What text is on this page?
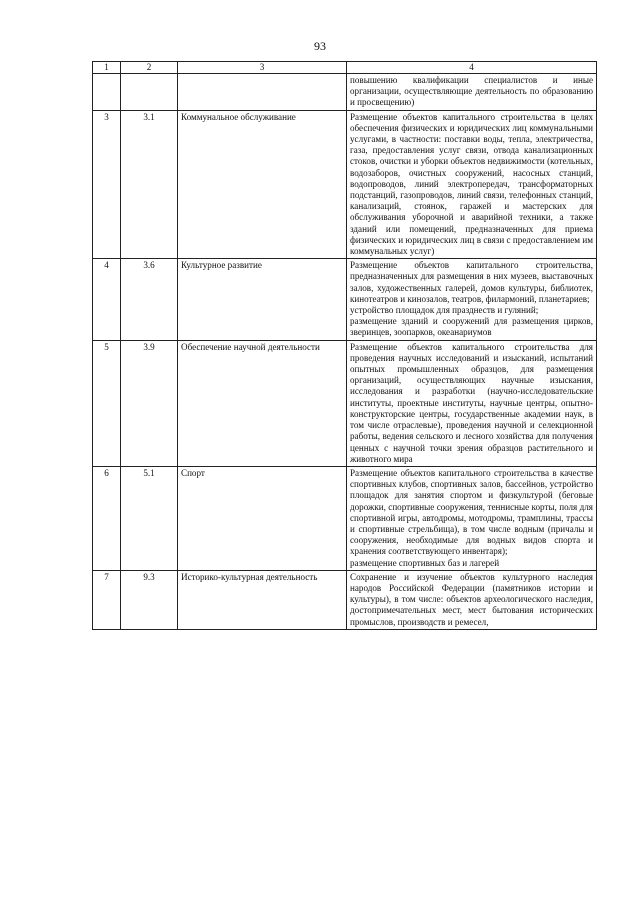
93
1	2	3	4

			повышению квалификации специалистов и иные организации, осуществляющие деятельность по образованию и просвещению)

3	3.1	Коммунальное обслуживание	Размещение объектов капитального строительства в целях обеспечения физических и юридических лиц коммунальными услугами, в частности: поставки воды, тепла, электричества, газа, предоставления услуг связи, отвода канализационных стоков, очистки и уборки объектов недвижимости (котельных, водозаборов, очистных сооружений, насосных станций, водопроводов, линий электропередач, трансформаторных подстанций, газопроводов, линий связи, телефонных станций, канализаций, стоянок, гаражей и мастерских для обслуживания уборочной и аварийной техники, а также зданий или помещений, предназначенных для приема физических и юридических лиц в связи с предоставлением им коммунальных услуг)

4	3.6	Культурное развитие	Размещение объектов капитального строительства, предназначенных для размещения в них музеев, выставочных залов, художественных галерей, домов культуры, библиотек, кинотеатров и кинозалов, театров, филармоний, планетариев;
устройство площадок для празднеств и гуляний;
размещение зданий и сооружений для размещения цирков, зверинцев, зоопарков, океанариумов

5	3.9	Обеспечение научной деятельности	Размещение объектов капитального строительства для проведения научных исследований и изысканий, испытаний опытных промышленных образцов, для размещения организаций, осуществляющих научные изыскания, исследования и разработки (научно-исследовательские институты, проектные институты, научные центры, опытно-конструкторские центры, государственные академии наук, в том числе отраслевые), проведения научной и селекционной работы, ведения сельского и лесного хозяйства для получения ценных с научной точки зрения образцов растительного и животного мира

6	5.1	Спорт	Размещение объектов капитального строительства в качестве спортивных клубов, спортивных залов, бассейнов, устройство площадок для занятия спортом и физкультурой (беговые дорожки, спортивные сооружения, теннисные корты, поля для спортивной игры, автодромы, мотодромы, трамплины, трассы и спортивные стрельбища), в том числе водным (причалы и сооружения, необходимые для водных видов спорта и хранения соответствующего инвентаря);
размещение спортивных баз и лагерей

7	9.3	Историко-культурная деятельность	Сохранение и изучение объектов культурного наследия народов Российской Федерации (памятников истории и культуры), в том числе: объектов археологического наследия, достопримечательных мест, мест бытования исторических промыслов, производств и ремесел,
